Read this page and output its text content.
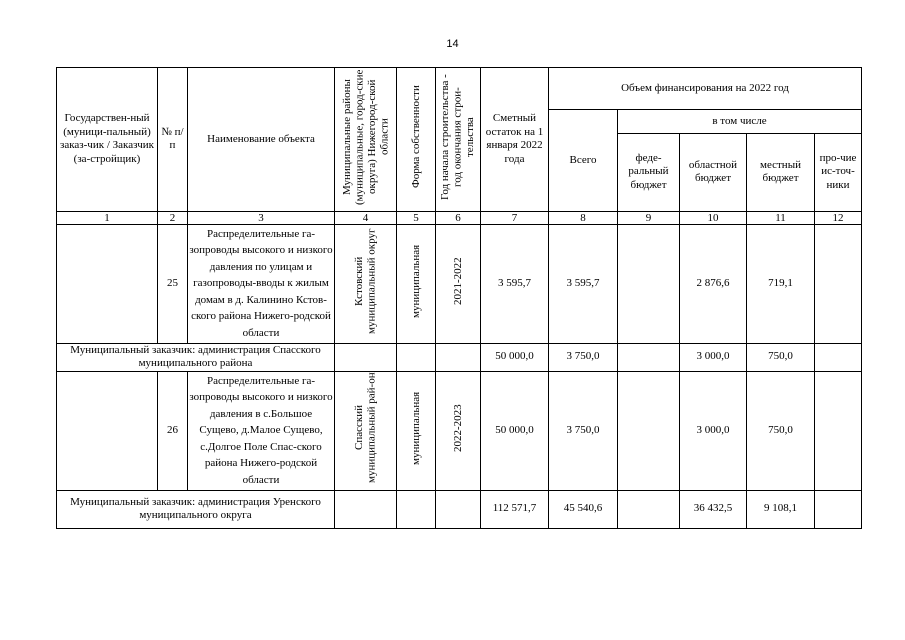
14
Государствен-ный (муници-пальный) заказ-чик / Заказчик (за-стройщик)	№ п/п	Наименование объекта	Муниципальные районы (муниципальные, город-ские округа) Нижегород-ской области	Форма собственности	Год начала строительства - год окончания строи-тельства	Сметный остаток на 1 января 2022 года	Объем финансирования на 2022 год				
							Всего	в том числе			
								феде-ральный бюджет	областной бюджет	местный бюджет	про-чие ис-точ-ники
1	2	3	4	5	6	7	8	9	10	11	12
	25	Распределительные га-зопроводы высокого и низкого давления по улицам и газопроводы-вводы к жилым домам в д. Калинино Кстов-ского района Нижего-родской области	Кстовский муниципальный округ	муниципальная	2021-2022	3 595,7	3 595,7		2 876,6	719,1	
Муниципальный заказчик: администрация Спасского муниципального района						50 000,0	3 750,0		3 000,0	750,0	
	26	Распределительные га-зопроводы высокого и низкого давления в с.Большое Сущево, д.Малое Сущево, с.Долгое Поле Спас-ского района Нижего-родской области	Спасский муниципальный рай-он	муниципальная	2022-2023	50 000,0	3 750,0		3 000,0	750,0	
Муниципальный заказчик: администрация Уренского муниципального округа						112 571,7	45 540,6		36 432,5	9 108,1	
